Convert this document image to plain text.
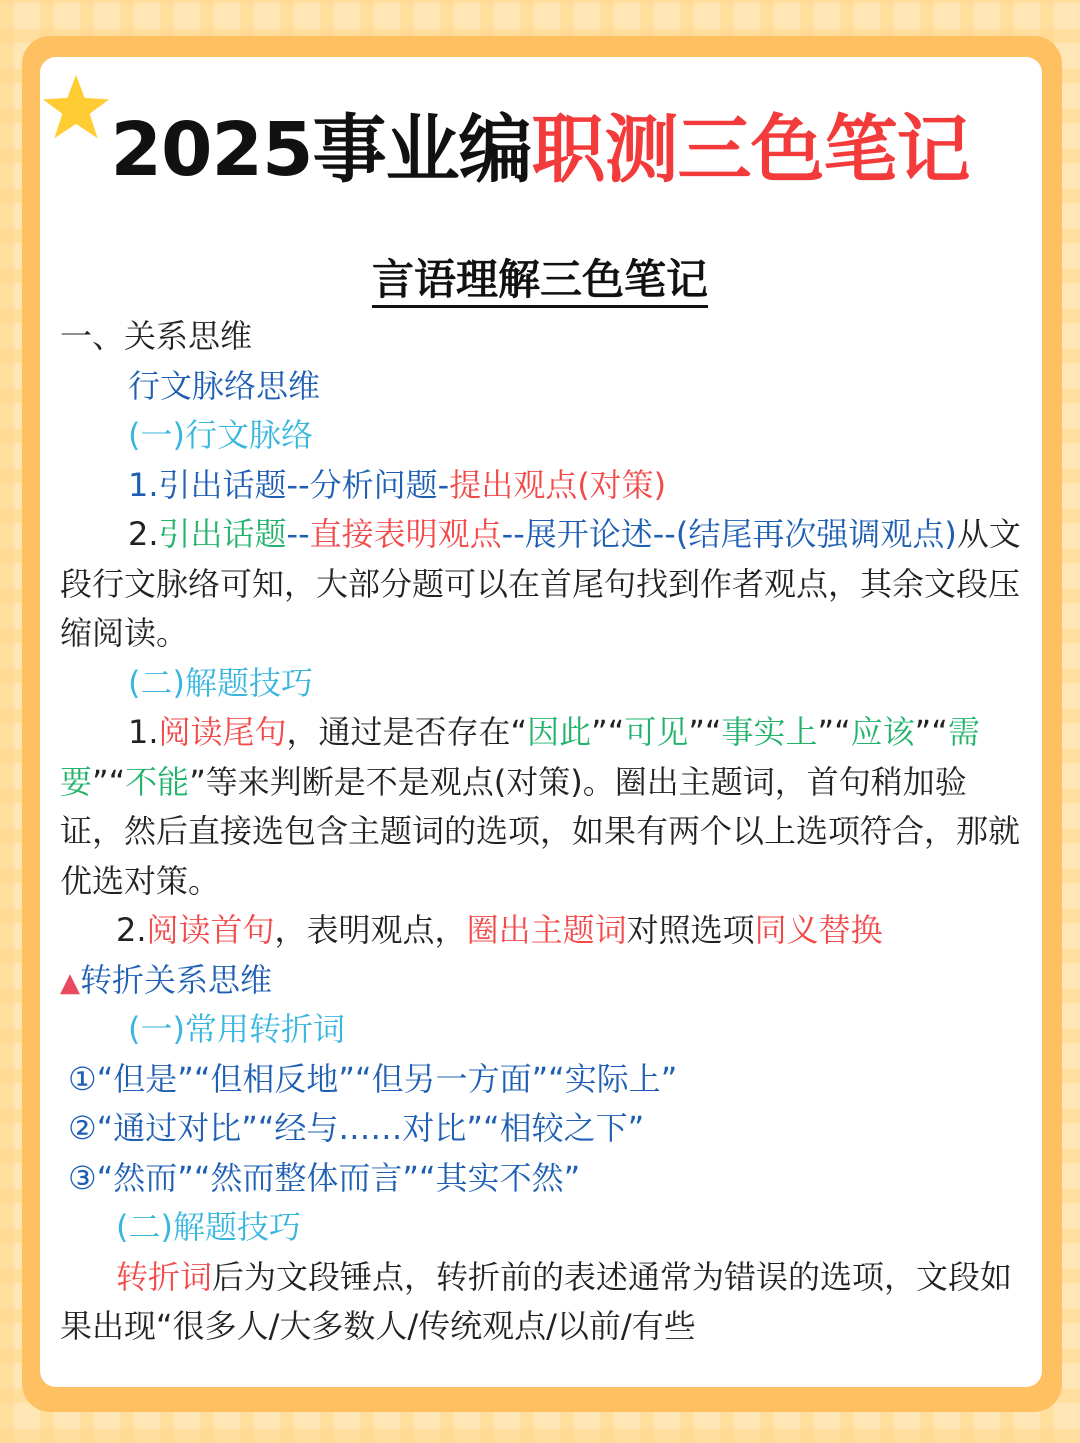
2025事业编职测三色笔记
言语理解三色笔记
一、关系思维
行文脉络思维
(一)行文脉络
1.引出话题--分析问题-提出观点(对策)
2.引出话题--直接表明观点--展开论述--(结尾再次强调观点)从文段行文脉络可知，大部分题可以在首尾句找到作者观点，其余文段压缩阅读。
(二)解题技巧
1.阅读尾句，通过是否存在“因此”“可见”“事实上”“应该”“需要”“不能”等来判断是不是观点(对策)。圈出主题词，首句稍加验证，然后直接选包含主题词的选项，如果有两个以上选项符合，那就优选对策。
2.阅读首句，表明观点，圈出主题词对照选项同义替换
▲转折关系思维
(一)常用转折词
①“但是”“但相反地”“但另一方面”“实际上”
②“通过对比”“经与……对比”“相较之下”
③“然而”“然而整体而言”“其实不然”
(二)解题技巧
转折词后为文段锤点，转折前的表述通常为错误的选项，文段如果出现“很多人/大多数人/传统观点/以前/有些
